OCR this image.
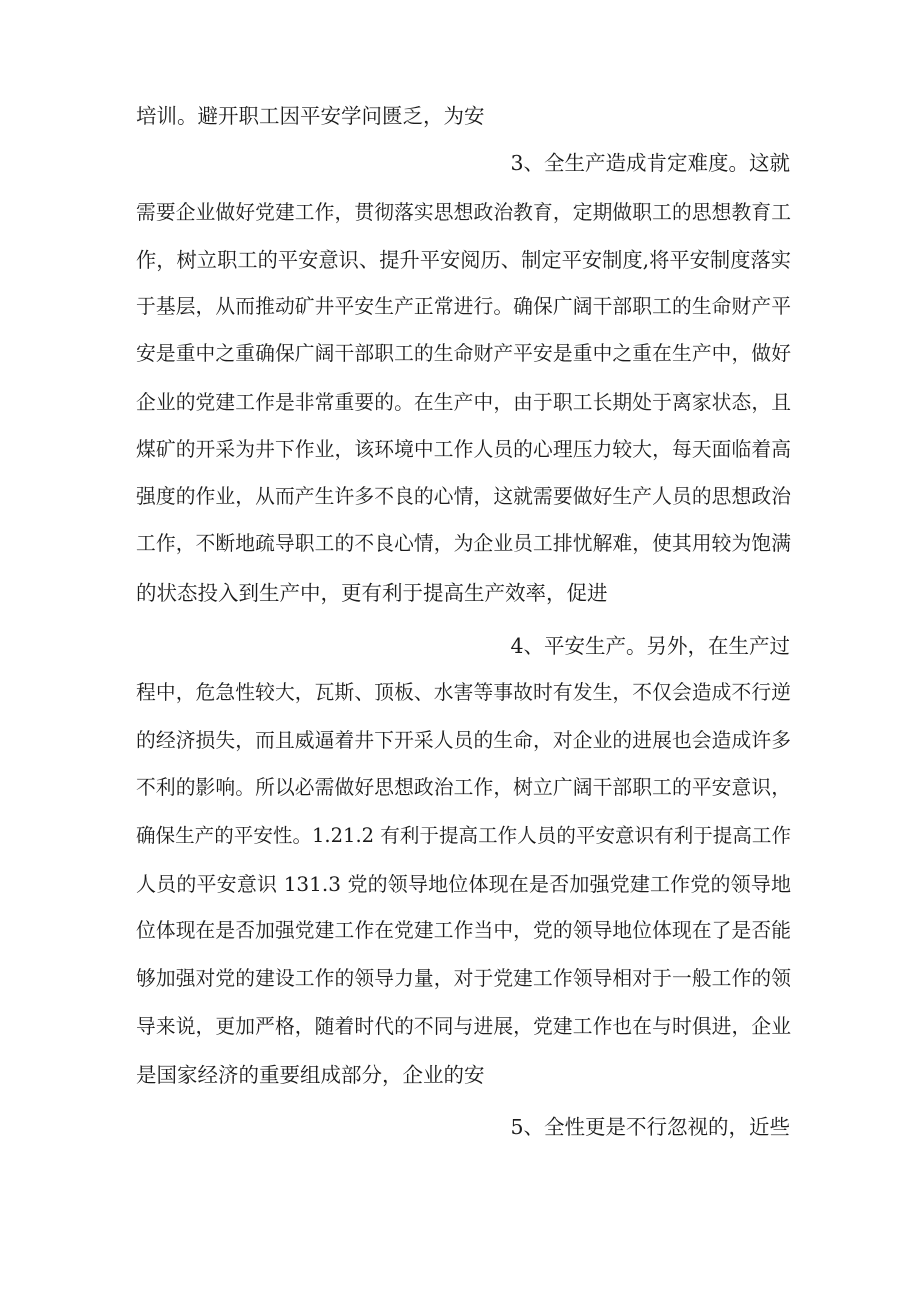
培训。避开职工因平安学问匮乏，为安
3、全生产造成肯定难度。这就
需要企业做好党建工作，贯彻落实思想政治教育，定期做职工的思想教育工
作，树立职工的平安意识、提升平安阅历、制定平安制度,将平安制度落实
于基层，从而推动矿井平安生产正常进行。确保广阔干部职工的生命财产平
安是重中之重确保广阔干部职工的生命财产平安是重中之重在生产中，做好
企业的党建工作是非常重要的。在生产中，由于职工长期处于离家状态，且
煤矿的开采为井下作业，该环境中工作人员的心理压力较大，每天面临着高
强度的作业，从而产生许多不良的心情，这就需要做好生产人员的思想政治
工作，不断地疏导职工的不良心情，为企业员工排忧解难，使其用较为饱满
的状态投入到生产中，更有利于提高生产效率，促进
4、平安生产。另外，在生产过
程中，危急性较大，瓦斯、顶板、水害等事故时有发生，不仅会造成不行逆
的经济损失，而且威逼着井下开采人员的生命，对企业的进展也会造成许多
不利的影响。所以必需做好思想政治工作，树立广阔干部职工的平安意识，
确保生产的平安性。1.21.2 有利于提高工作人员的平安意识有利于提高工作
人员的平安意识 131.3 党的领导地位体现在是否加强党建工作党的领导地
位体现在是否加强党建工作在党建工作当中，党的领导地位体现在了是否能
够加强对党的建设工作的领导力量，对于党建工作领导相对于一般工作的领
导来说，更加严格，随着时代的不同与进展，党建工作也在与时俱进，企业
是国家经济的重要组成部分，企业的安
5、全性更是不行忽视的，近些
